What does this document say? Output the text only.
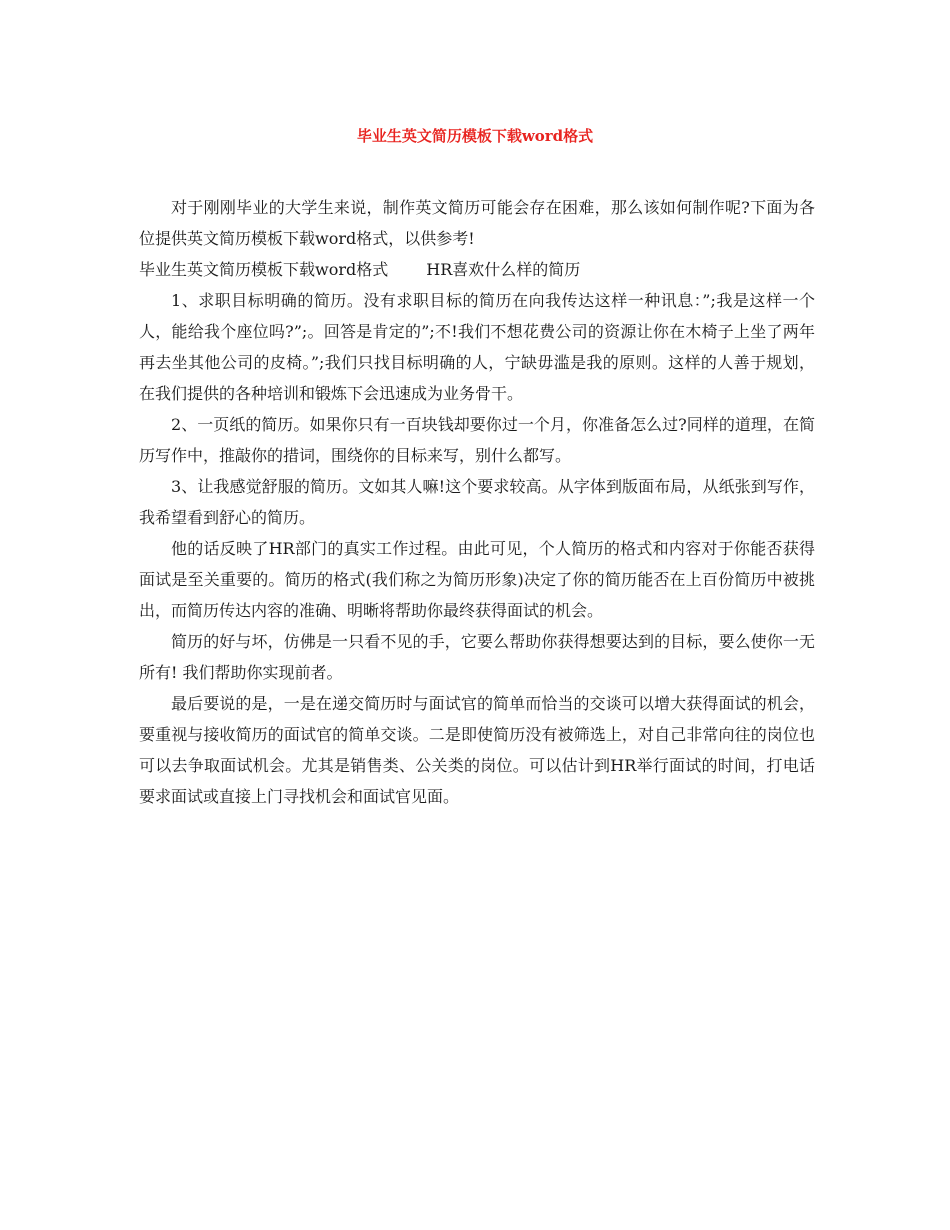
毕业生英文简历模板下载word格式

对于刚刚毕业的大学生来说，制作英文简历可能会存在困难，那么该如何制作呢?下面为各位提供英文简历模板下载word格式，以供参考!

毕业生英文简历模板下载word格式 HR喜欢什么样的简历

1、求职目标明确的简历。没有求职目标的简历在向我传达这样一种讯息：”;我是这样一个人，能给我个座位吗?”;。回答是肯定的”;不!我们不想花费公司的资源让你在木椅子上坐了两年再去坐其他公司的皮椅。”;我们只找目标明确的人，宁缺毋滥是我的原则。这样的人善于规划，在我们提供的各种培训和锻炼下会迅速成为业务骨干。

2、一页纸的简历。如果你只有一百块钱却要你过一个月，你准备怎么过?同样的道理，在简历写作中，推敲你的措词，围绕你的目标来写，别什么都写。

3、让我感觉舒服的简历。文如其人嘛!这个要求较高。从字体到版面布局，从纸张到写作，我希望看到舒心的简历。

他的话反映了HR部门的真实工作过程。由此可见，个人简历的格式和内容对于你能否获得面试是至关重要的。简历的格式(我们称之为简历形象)决定了你的简历能否在上百份简历中被挑出，而简历传达内容的准确、明晰将帮助你最终获得面试的机会。

简历的好与坏，仿佛是一只看不见的手，它要么帮助你获得想要达到的目标，要么使你一无所有! 我们帮助你实现前者。

最后要说的是，一是在递交简历时与面试官的简单而恰当的交谈可以增大获得面试的机会，要重视与接收简历的面试官的简单交谈。二是即使简历没有被筛选上，对自己非常向往的岗位也可以去争取面试机会。尤其是销售类、公关类的岗位。可以估计到HR举行面试的时间，打电话要求面试或直接上门寻找机会和面试官见面。
